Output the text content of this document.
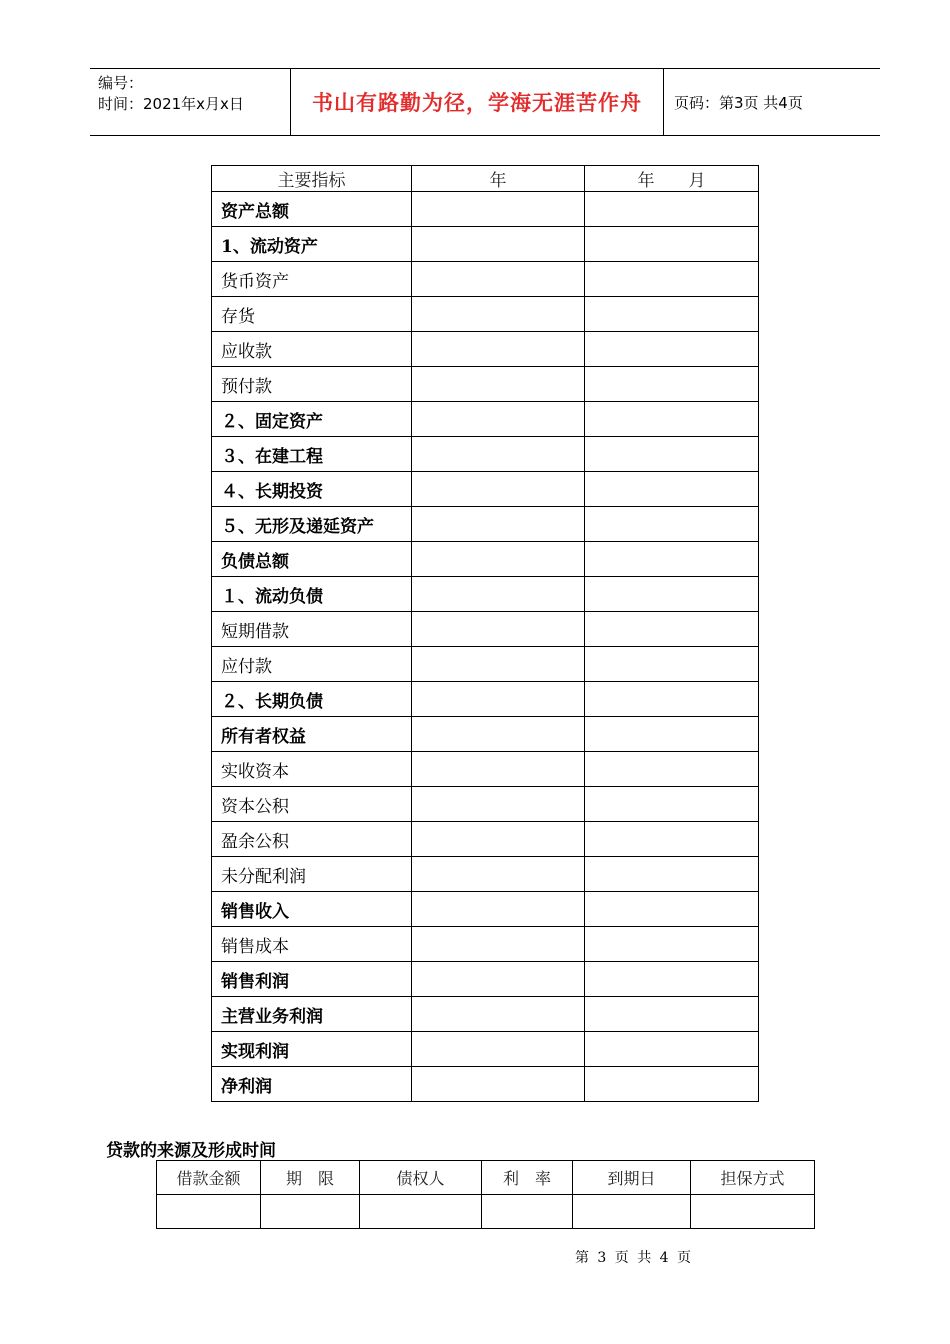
编号：
时间：2021年x月x日	书山有路勤为径，学海无涯苦作舟	页码：第3页 共4页
主要指标	年	年　　月
资产总额		
1、流动资产		
货币资产		
存货		
应收款		
预付款		
２、固定资产		
３、在建工程		
４、长期投资		
５、无形及递延资产		
负债总额		
１、流动负债		
短期借款		
应付款		
２、长期负债		
所有者权益		
实收资本		
资本公积		
盈余公积		
未分配利润		
销售收入		
销售成本		
销售利润		
主营业务利润		
实现利润		
净利润		
贷款的来源及形成时间
借款金额	期　限	债权人	利　率	到期日	担保方式

第 3 页 共 4 页
